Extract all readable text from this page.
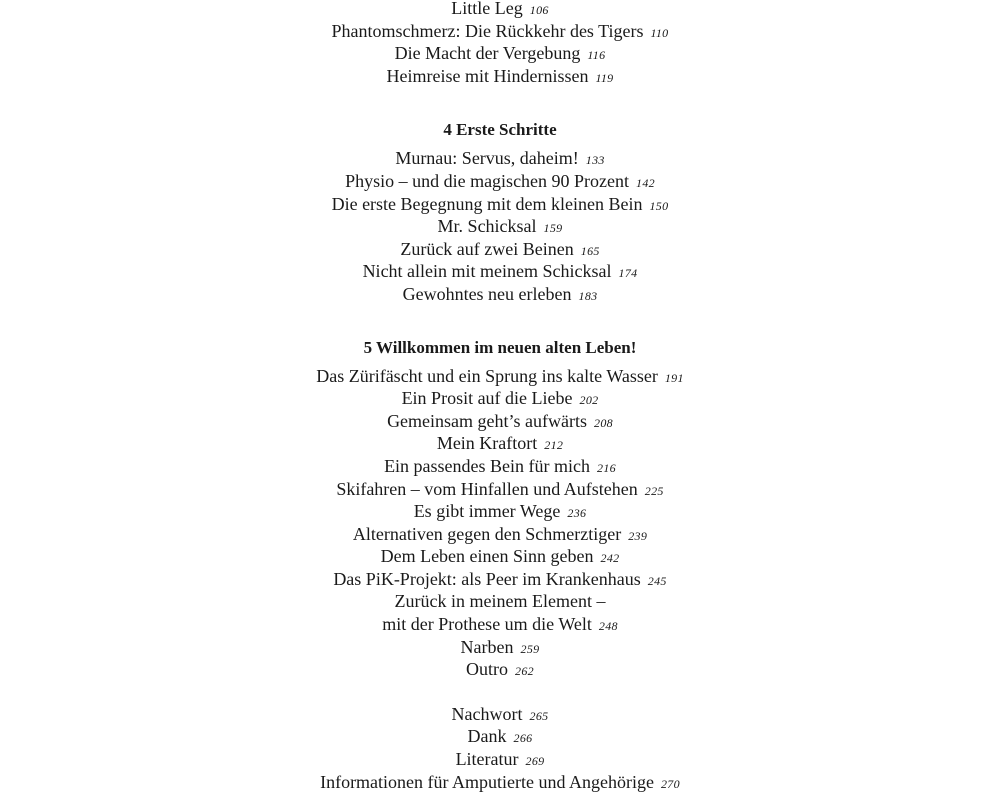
Little Leg 106
Phantomschmerz: Die Rückkehr des Tigers 110
Die Macht der Vergebung 116
Heimreise mit Hindernissen 119
4 Erste Schritte
Murnau: Servus, daheim! 133
Physio – und die magischen 90 Prozent 142
Die erste Begegnung mit dem kleinen Bein 150
Mr. Schicksal 159
Zurück auf zwei Beinen 165
Nicht allein mit meinem Schicksal 174
Gewohntes neu erleben 183
5 Willkommen im neuen alten Leben!
Das Zürifäscht und ein Sprung ins kalte Wasser 191
Ein Prosit auf die Liebe 202
Gemeinsam geht’s aufwärts 208
Mein Kraftort 212
Ein passendes Bein für mich 216
Skifahren – vom Hinfallen und Aufstehen 225
Es gibt immer Wege 236
Alternativen gegen den Schmerztiger 239
Dem Leben einen Sinn geben 242
Das PiK-Projekt: als Peer im Krankenhaus 245
Zurück in meinem Element –
mit der Prothese um die Welt 248
Narben 259
Outro 262
Nachwort 265
Dank 266
Literatur 269
Informationen für Amputierte und Angehörige 270
